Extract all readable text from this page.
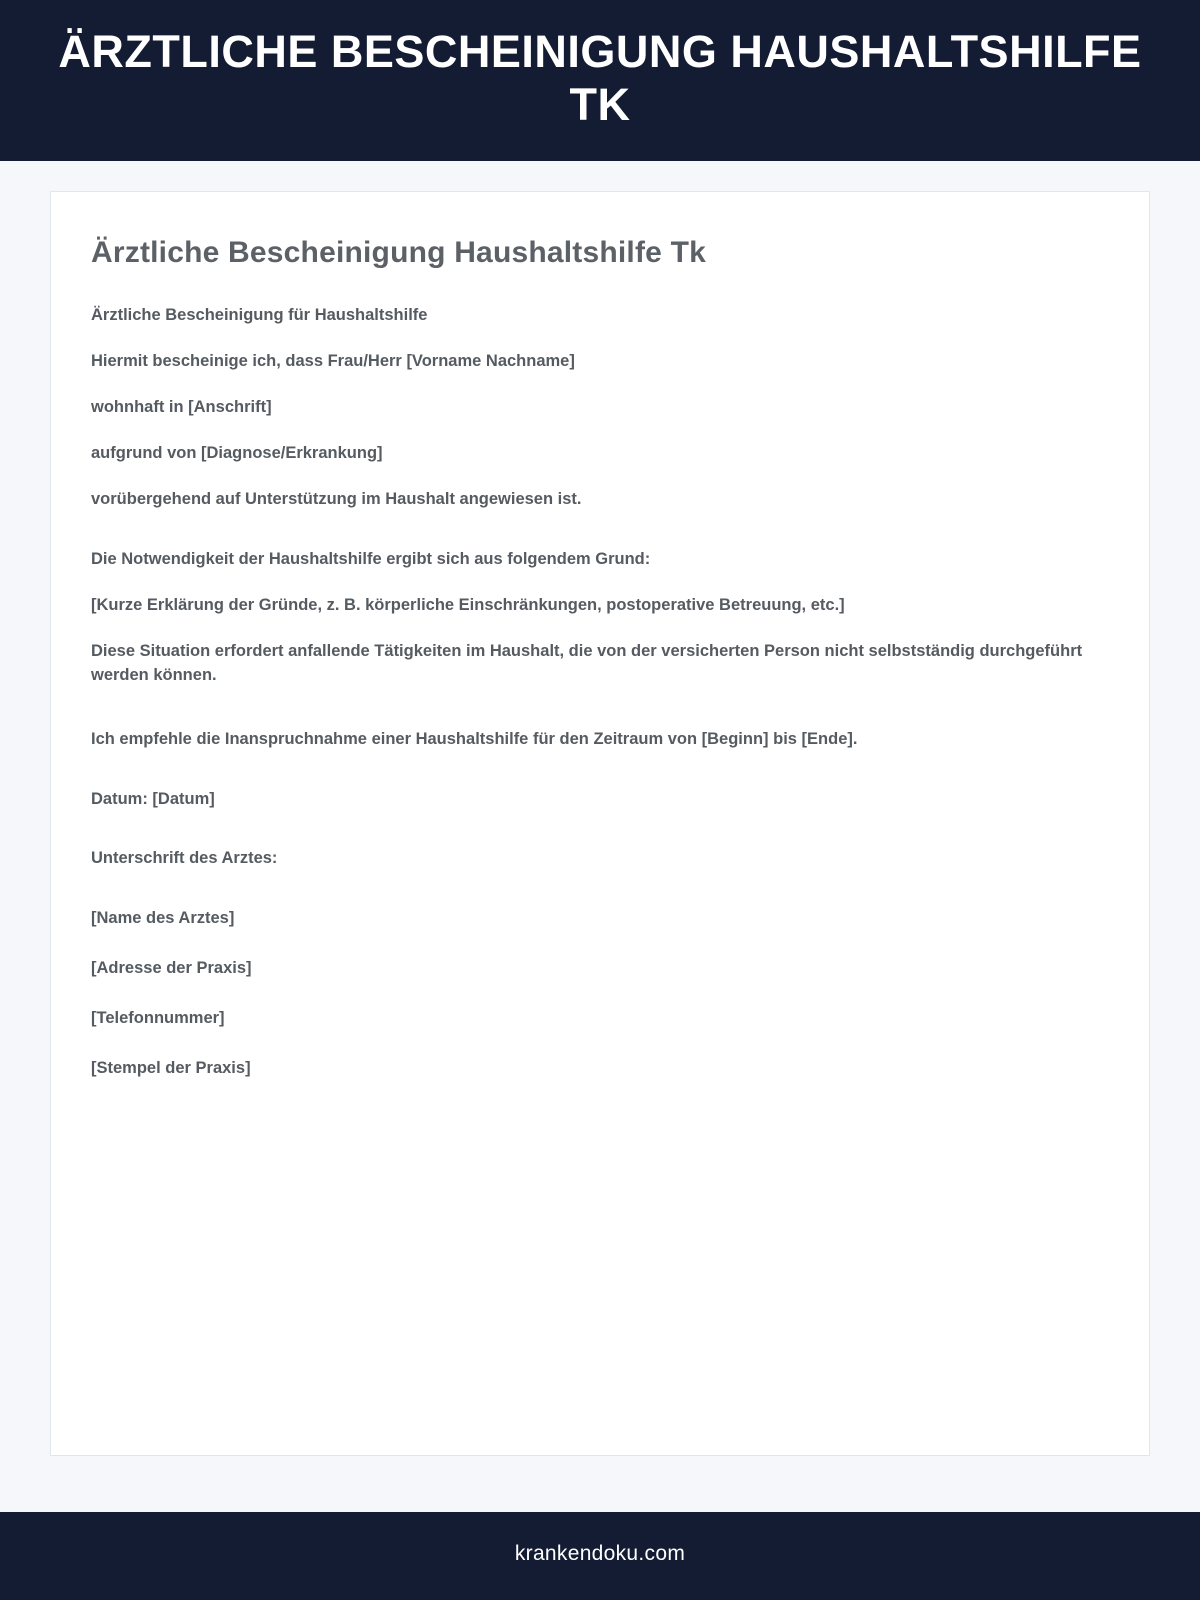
ÄRZTLICHE BESCHEINIGUNG HAUSHALTSHILFE TK
Ärztliche Bescheinigung Haushaltshilfe Tk

Ärztliche Bescheinigung für Haushaltshilfe

Hiermit bescheinige ich, dass Frau/Herr [Vorname Nachname]

wohnhaft in [Anschrift]

aufgrund von [Diagnose/Erkrankung]

vorübergehend auf Unterstützung im Haushalt angewiesen ist.

Die Notwendigkeit der Haushaltshilfe ergibt sich aus folgendem Grund:

[Kurze Erklärung der Gründe, z. B. körperliche Einschränkungen, postoperative Betreuung, etc.]

Diese Situation erfordert anfallende Tätigkeiten im Haushalt, die von der versicherten Person nicht selbstständig durchgeführt werden können.

Ich empfehle die Inanspruchnahme einer Haushaltshilfe für den Zeitraum von [Beginn] bis [Ende].

Datum: [Datum]

Unterschrift des Arztes:

[Name des Arztes]

[Adresse der Praxis]

[Telefonnummer]

[Stempel der Praxis]

krankendoku.com
